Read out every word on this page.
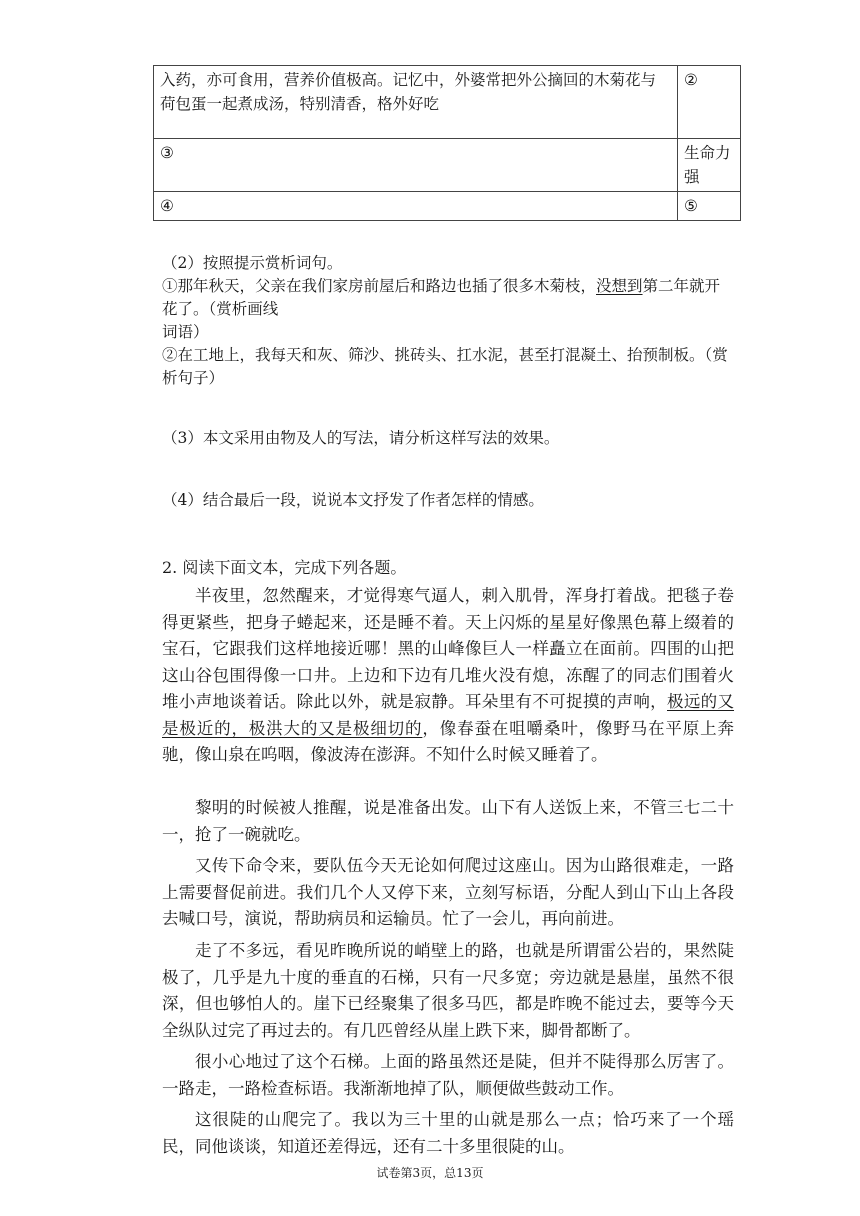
入药，亦可食用，营养价值极高。记忆中，外婆常把外公摘回的木菊花与荷包蛋一起煮成汤，特别清香，格外好吃	②
③	生命力强
④	⑤
（2）按照提示赏析词句。
①那年秋天，父亲在我们家房前屋后和路边也插了很多木菊枝，没想到第二年就开花了。（赏析画线
词语）
②在工地上，我每天和灰、筛沙、挑砖头、扛水泥，甚至打混凝土、抬预制板。（赏析句子）
（3）本文采用由物及人的写法，请分析这样写法的效果。
（4）结合最后一段，说说本文抒发了作者怎样的情感。
2. 阅读下面文本，完成下列各题。
半夜里，忽然醒来，才觉得寒气逼人，刺入肌骨，浑身打着战。把毯子卷得更紧些，把身子蜷起来，还是睡不着。天上闪烁的星星好像黑色幕上缀着的宝石，它跟我们这样地接近哪！黑的山峰像巨人一样矗立在面前。四围的山把这山谷包围得像一口井。上边和下边有几堆火没有熄，冻醒了的同志们围着火堆小声地谈着话。除此以外，就是寂静。耳朵里有不可捉摸的声响，极远的又是极近的，极洪大的又是极细切的，像春蚕在咀嚼桑叶，像野马在平原上奔驰，像山泉在呜咽，像波涛在澎湃。不知什么时候又睡着了。
黎明的时候被人推醒，说是准备出发。山下有人送饭上来，不管三七二十一，抢了一碗就吃。
又传下命令来，要队伍今天无论如何爬过这座山。因为山路很难走，一路上需要督促前进。我们几个人又停下来，立刻写标语，分配人到山下山上各段去喊口号，演说，帮助病员和运输员。忙了一会儿，再向前进。
走了不多远，看见昨晚所说的峭壁上的路，也就是所谓雷公岩的，果然陡极了，几乎是九十度的垂直的石梯，只有一尺多宽；旁边就是悬崖，虽然不很深，但也够怕人的。崖下已经聚集了很多马匹，都是昨晚不能过去，要等今天全纵队过完了再过去的。有几匹曾经从崖上跌下来，脚骨都断了。
很小心地过了这个石梯。上面的路虽然还是陡，但并不陡得那么厉害了。一路走，一路检查标语。我渐渐地掉了队，顺便做些鼓动工作。
这很陡的山爬完了。我以为三十里的山就是那么一点；恰巧来了一个瑶民，同他谈谈，知道还差得远，还有二十多里很陡的山。
试卷第3页，总13页
